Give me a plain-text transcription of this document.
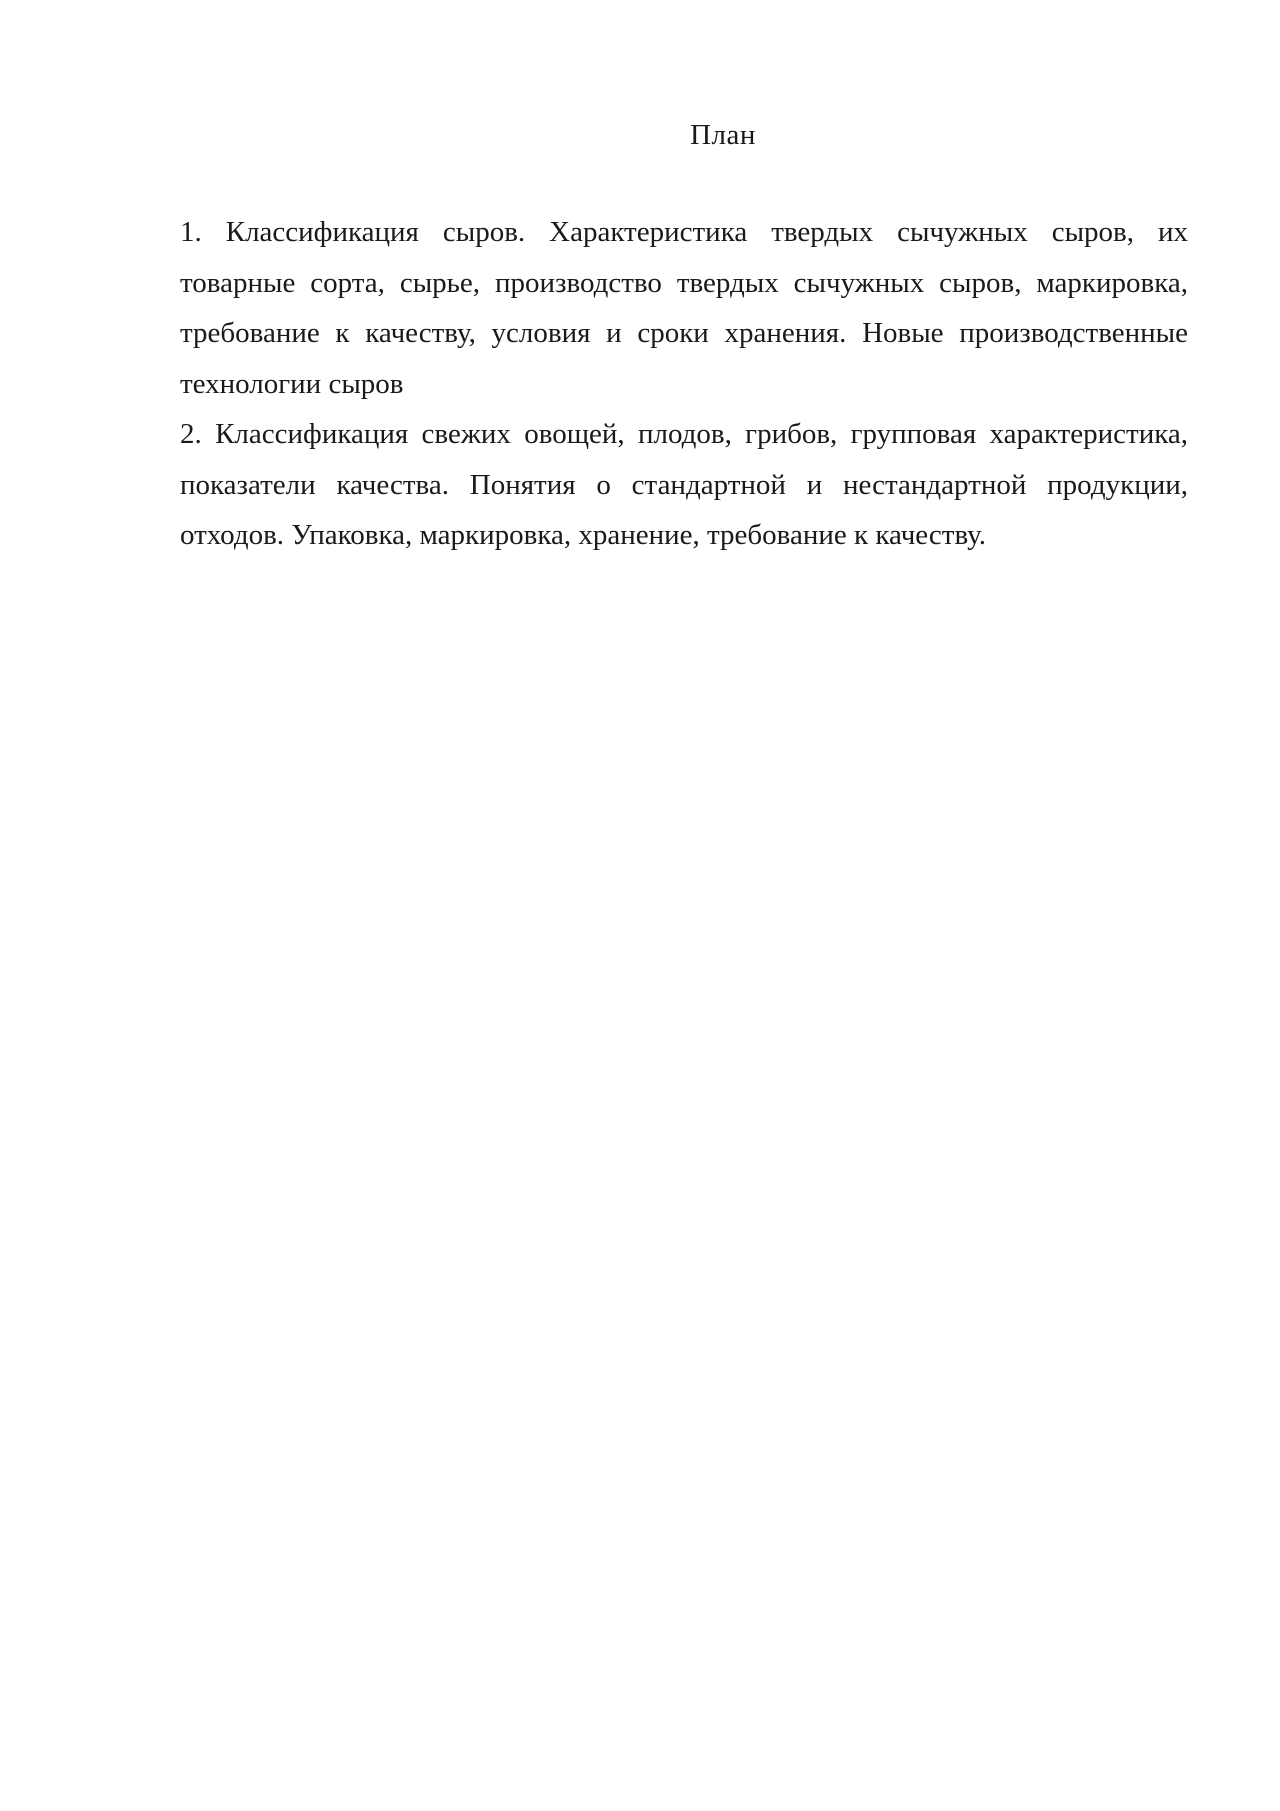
План

1. Классификация сыров. Характеристика твердых сычужных сыров, их товарные сорта, сырье, производство твердых сычужных сыров, маркировка, требование к качеству, условия и сроки хранения. Новые производственные технологии сыров

2. Классификация свежих овощей, плодов, грибов, групповая характеристика, показатели качества. Понятия о стандартной и нестандартной продукции, отходов. Упаковка, маркировка, хранение, требование к качеству.
